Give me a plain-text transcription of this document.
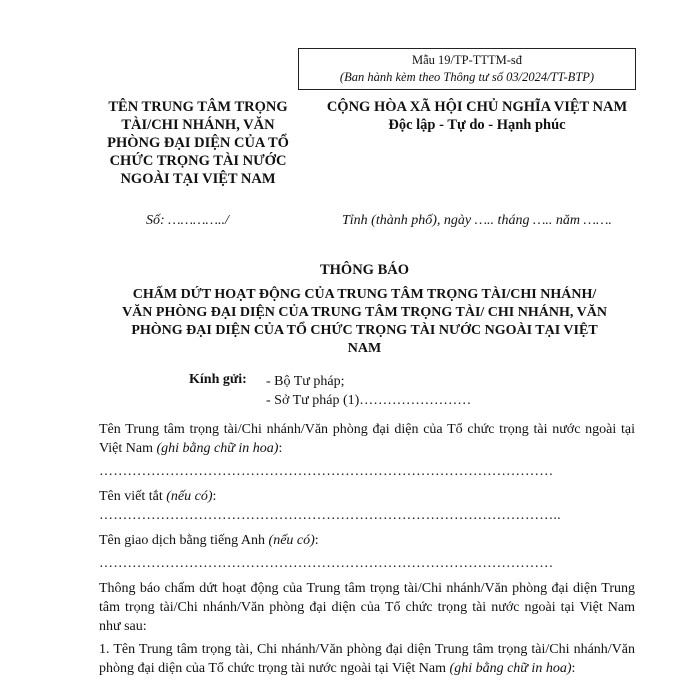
Mẫu 19/TP-TTTM-sđ
(Ban hành kèm theo Thông tư số 03/2024/TT-BTP)
TÊN TRUNG TÂM TRỌNG
TÀI/CHI NHÁNH, VĂN
PHÒNG ĐẠI DIỆN CỦA TỔ
CHỨC TRỌNG TÀI NƯỚC
NGOÀI TẠI VIỆT NAM
CỘNG HÒA XÃ HỘI CHỦ NGHĨA VIỆT NAM
Độc lập - Tự do - Hạnh phúc
Số: …………../	Tỉnh (thành phố), ngày ….. tháng ….. năm …….
THÔNG BÁO
CHẤM DỨT HOẠT ĐỘNG CỦA TRUNG TÂM TRỌNG TÀI/CHI NHÁNH/
VĂN PHÒNG ĐẠI DIỆN CỦA TRUNG TÂM TRỌNG TÀI/ CHI NHÁNH, VĂN
PHÒNG ĐẠI DIỆN CỦA TỔ CHỨC TRỌNG TÀI NƯỚC NGOÀI TẠI VIỆT
NAM
Kính gửi: - Bộ Tư pháp;
- Sở Tư pháp (1)……………………
Tên Trung tâm trọng tài/Chi nhánh/Văn phòng đại diện của Tổ chức trọng tài nước ngoài tại Việt Nam (ghi bằng chữ in hoa):
……………………………………………………………………………………
Tên viết tắt (nếu có):
……………………………………………………………………………………..
Tên giao dịch bằng tiếng Anh (nếu có):
……………………………………………………………………………………
Thông báo chấm dứt hoạt động của Trung tâm trọng tài/Chi nhánh/Văn phòng đại diện Trung tâm trọng tài/Chi nhánh/Văn phòng đại diện của Tổ chức trọng tài nước ngoài tại Việt Nam như sau:
1. Tên Trung tâm trọng tài, Chi nhánh/Văn phòng đại diện Trung tâm trọng tài/Chi nhánh/Văn phòng đại diện của Tổ chức trọng tài nước ngoài tại Việt Nam (ghi bằng chữ in hoa):
